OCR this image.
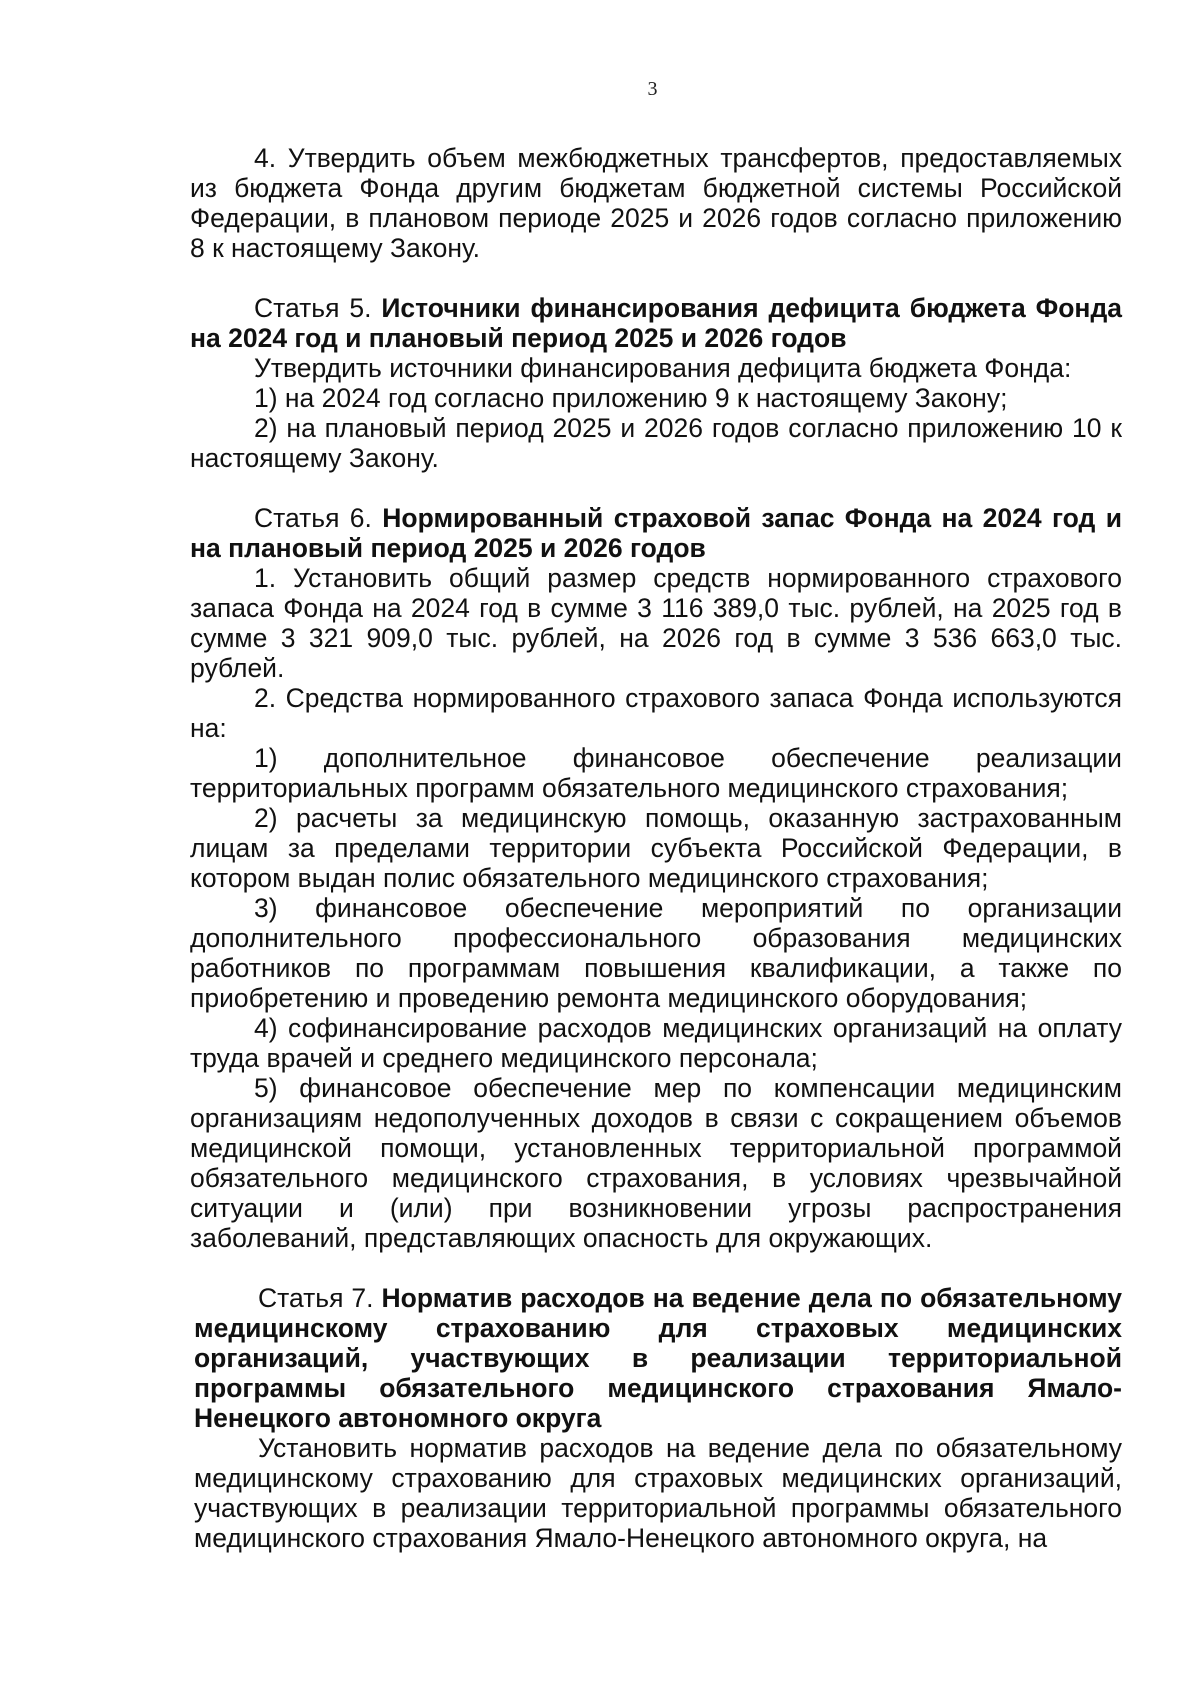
3

4. Утвердить объем межбюджетных трансфертов, предоставляемых из бюджета Фонда другим бюджетам бюджетной системы Российской Федерации, в плановом периоде 2025 и 2026 годов согласно приложению 8 к настоящему Закону.

Статья 5. Источники финансирования дефицита бюджета Фонда на 2024 год и плановый период 2025 и 2026 годов

Утвердить источники финансирования дефицита бюджета Фонда:

1) на 2024 год согласно приложению 9 к настоящему Закону;

2) на плановый период 2025 и 2026 годов согласно приложению 10 к настоящему Закону.

Статья 6. Нормированный страховой запас Фонда на 2024 год и на плановый период 2025 и 2026 годов

1. Установить общий размер средств нормированного страхового запаса Фонда на 2024 год в сумме 3 116 389,0 тыс. рублей, на 2025 год в сумме 3 321 909,0 тыс. рублей, на 2026 год в сумме 3 536 663,0 тыс. рублей.

2. Средства нормированного страхового запаса Фонда используются на:

1) дополнительное финансовое обеспечение реализации территориальных программ обязательного медицинского страхования;

2) расчеты за медицинскую помощь, оказанную застрахованным лицам за пределами территории субъекта Российской Федерации, в котором выдан полис обязательного медицинского страхования;

3) финансовое обеспечение мероприятий по организации дополнительного профессионального образования медицинских работников по программам повышения квалификации, а также по приобретению и проведению ремонта медицинского оборудования;

4) софинансирование расходов медицинских организаций на оплату труда врачей и среднего медицинского персонала;

5) финансовое обеспечение мер по компенсации медицинским организациям недополученных доходов в связи с сокращением объемов медицинской помощи, установленных территориальной программой обязательного медицинского страхования, в условиях чрезвычайной ситуации и (или) при возникновении угрозы распространения заболеваний, представляющих опасность для окружающих.

Статья 7. Норматив расходов на ведение дела по обязательному медицинскому страхованию для страховых медицинских организаций, участвующих в реализации территориальной программы обязательного медицинского страхования Ямало-Ненецкого автономного округа

Установить норматив расходов на ведение дела по обязательному медицинскому страхованию для страховых медицинских организаций, участвующих в реализации территориальной программы обязательного медицинского страхования Ямало-Ненецкого автономного округа, на
